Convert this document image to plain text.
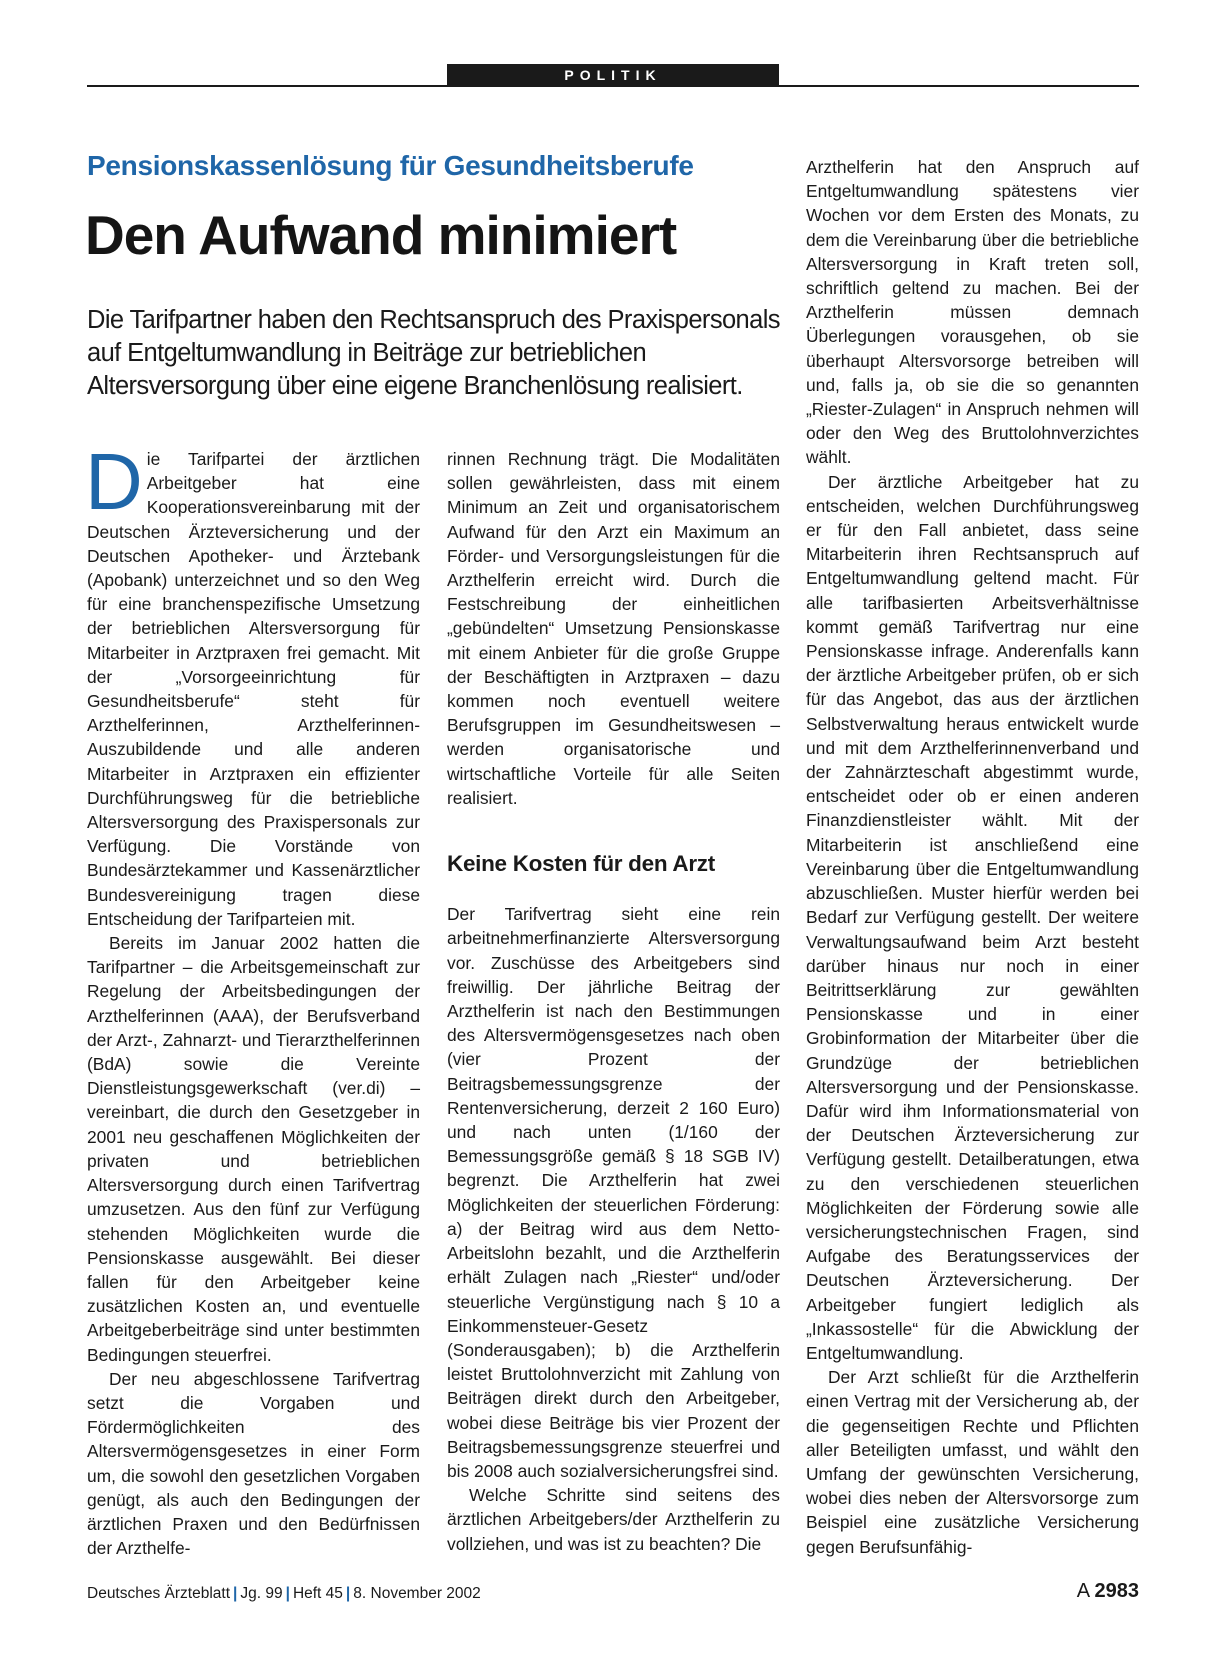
POLITIK
Pensionskassenlösung für Gesundheitsberufe
Den Aufwand minimiert
Die Tarifpartner haben den Rechtsanspruch des Praxispersonals auf Entgeltumwandlung in Beiträge zur betrieblichen Altersversorgung über eine eigene Branchenlösung realisiert.

Die Tarifpartei der ärztlichen Arbeitgeber hat eine Kooperationsvereinbarung mit der Deutschen Ärzteversicherung und der Deutschen Apotheker- und Ärztebank (Apobank) unterzeichnet und so den Weg für eine branchenspezifische Umsetzung der betrieblichen Altersversorgung für Mitarbeiter in Arztpraxen frei gemacht. Mit der „Vorsorgeeinrichtung für Gesundheitsberufe“ steht für Arzthelferinnen, Arzthelferinnen-Auszubildende und alle anderen Mitarbeiter in Arztpraxen ein effizienter Durchführungsweg für die betriebliche Altersversorgung des Praxispersonals zur Verfügung. Die Vorstände von Bundesärztekammer und Kassenärztlicher Bundesvereinigung tragen diese Entscheidung der Tarifparteien mit.

Bereits im Januar 2002 hatten die Tarifpartner – die Arbeitsgemeinschaft zur Regelung der Arbeitsbedingungen der Arzthelferinnen (AAA), der Berufsverband der Arzt-, Zahnarzt- und Tierarzthelferinnen (BdA) sowie die Vereinte Dienstleistungsgewerkschaft (ver.di) – vereinbart, die durch den Gesetzgeber in 2001 neu geschaffenen Möglichkeiten der privaten und betrieblichen Altersversorgung durch einen Tarifvertrag umzusetzen. Aus den fünf zur Verfügung stehenden Möglichkeiten wurde die Pensionskasse ausgewählt. Bei dieser fallen für den Arbeitgeber keine zusätzlichen Kosten an, und eventuelle Arbeitgeberbeiträge sind unter bestimmten Bedingungen steuerfrei.

Der neu abgeschlossene Tarifvertrag setzt die Vorgaben und Fördermöglichkeiten des Altersvermögensgesetzes in einer Form um, die sowohl den gesetzlichen Vorgaben genügt, als auch den Bedingungen der ärztlichen Praxen und den Bedürfnissen der Arzthelfe-

rinnen Rechnung trägt. Die Modalitäten sollen gewährleisten, dass mit einem Minimum an Zeit und organisatorischem Aufwand für den Arzt ein Maximum an Förder- und Versorgungsleistungen für die Arzthelferin erreicht wird. Durch die Festschreibung der einheitlichen „gebündelten“ Umsetzung Pensionskasse mit einem Anbieter für die große Gruppe der Beschäftigten in Arztpraxen – dazu kommen noch eventuell weitere Berufsgruppen im Gesundheitswesen – werden organisatorische und wirtschaftliche Vorteile für alle Seiten realisiert.

Keine Kosten für den Arzt

Der Tarifvertrag sieht eine rein arbeitnehmerfinanzierte Altersversorgung vor. Zuschüsse des Arbeitgebers sind freiwillig. Der jährliche Beitrag der Arzthelferin ist nach den Bestimmungen des Altersvermögensgesetzes nach oben (vier Prozent der Beitragsbemessungsgrenze der Rentenversicherung, derzeit 2 160 Euro) und nach unten (1/160 der Bemessungsgröße gemäß § 18 SGB IV) begrenzt. Die Arzthelferin hat zwei Möglichkeiten der steuerlichen Förderung: a) der Beitrag wird aus dem Netto-Arbeitslohn bezahlt, und die Arzthelferin erhält Zulagen nach „Riester“ und/oder steuerliche Vergünstigung nach § 10 a Einkommensteuer-Gesetz (Sonderausgaben); b) die Arzthelferin leistet Bruttolohnverzicht mit Zahlung von Beiträgen direkt durch den Arbeitgeber, wobei diese Beiträge bis vier Prozent der Beitragsbemessungsgrenze steuerfrei und bis 2008 auch sozialversicherungsfrei sind.

Welche Schritte sind seitens des ärztlichen Arbeitgebers/der Arzthelferin zu vollziehen, und was ist zu beachten? Die

Arzthelferin hat den Anspruch auf Entgeltumwandlung spätestens vier Wochen vor dem Ersten des Monats, zu dem die Vereinbarung über die betriebliche Altersversorgung in Kraft treten soll, schriftlich geltend zu machen. Bei der Arzthelferin müssen demnach Überlegungen vorausgehen, ob sie überhaupt Altersvorsorge betreiben will und, falls ja, ob sie die so genannten „Riester-Zulagen“ in Anspruch nehmen will oder den Weg des Bruttolohnverzichtes wählt.

Der ärztliche Arbeitgeber hat zu entscheiden, welchen Durchführungsweg er für den Fall anbietet, dass seine Mitarbeiterin ihren Rechtsanspruch auf Entgeltumwandlung geltend macht. Für alle tarifbasierten Arbeitsverhältnisse kommt gemäß Tarifvertrag nur eine Pensionskasse infrage. Anderenfalls kann der ärztliche Arbeitgeber prüfen, ob er sich für das Angebot, das aus der ärztlichen Selbstverwaltung heraus entwickelt wurde und mit dem Arzthelferinnenverband und der Zahnärzteschaft abgestimmt wurde, entscheidet oder ob er einen anderen Finanzdienstleister wählt. Mit der Mitarbeiterin ist anschließend eine Vereinbarung über die Entgeltumwandlung abzuschließen. Muster hierfür werden bei Bedarf zur Verfügung gestellt. Der weitere Verwaltungsaufwand beim Arzt besteht darüber hinaus nur noch in einer Beitrittserklärung zur gewählten Pensionskasse und in einer Grobinformation der Mitarbeiter über die Grundzüge der betrieblichen Altersversorgung und der Pensionskasse. Dafür wird ihm Informationsmaterial von der Deutschen Ärzteversicherung zur Verfügung gestellt. Detailberatungen, etwa zu den verschiedenen steuerlichen Möglichkeiten der Förderung sowie alle versicherungstechnischen Fragen, sind Aufgabe des Beratungsservices der Deutschen Ärzteversicherung. Der Arbeitgeber fungiert lediglich als „Inkassostelle“ für die Abwicklung der Entgeltumwandlung.

Der Arzt schließt für die Arzthelferin einen Vertrag mit der Versicherung ab, der die gegenseitigen Rechte und Pflichten aller Beteiligten umfasst, und wählt den Umfang der gewünschten Versicherung, wobei dies neben der Altersvorsorge zum Beispiel eine zusätzliche Versicherung gegen Berufsunfähig-

Deutsches Ärzteblatt | Jg. 99 | Heft 45 | 8. November 2002	A 2983
